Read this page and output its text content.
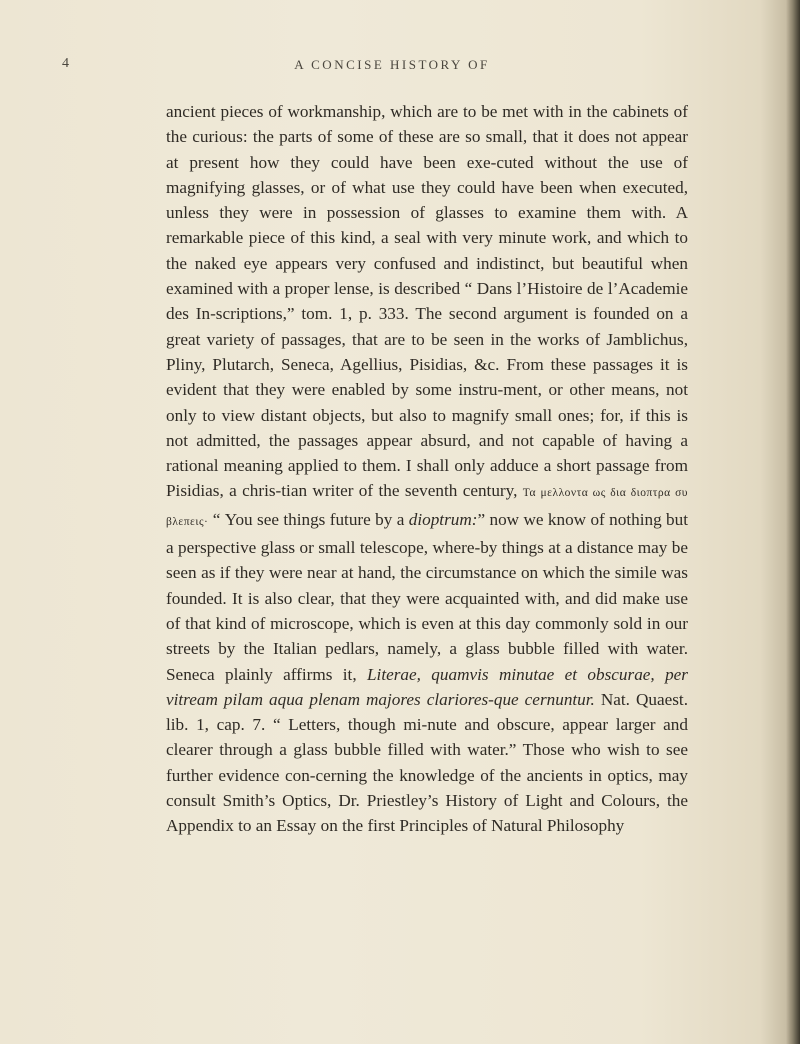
4	A CONCISE HISTORY OF

ancient pieces of workmanship, which are to be met with in the cabinets of the curious: the parts of some of these are so small, that it does not appear at present how they could have been exe-cuted without the use of magnifying glasses, or of what use they could have been when executed, unless they were in possession of glasses to examine them with. A remarkable piece of this kind, a seal with very minute work, and which to the naked eye appears very confused and indistinct, but beautiful when examined with a proper lense, is described “ Dans l’Histoire de l’Academie des In-scriptions,” tom. 1, p. 333. The second argument is founded on a great variety of passages, that are to be seen in the works of Jamblichus, Pliny, Plutarch, Seneca, Agellius, Pisidias, &c. From these passages it is evident that they were enabled by some instru-ment, or other means, not only to view distant objects, but also to magnify small ones; for, if this is not admitted, the passages appear absurd, and not capable of having a rational meaning applied to them. I shall only adduce a short passage from Pisidias, a chris-tian writer of the seventh century, Τα μελλοντα ως δια διοπτρα συ βλεπεις· “ You see things future by a dioptrum:” now we know of nothing but a perspective glass or small telescope, where-by things at a distance may be seen as if they were near at hand, the circumstance on which the simile was founded. It is also clear, that they were acquainted with, and did make use of that kind of microscope, which is even at this day commonly sold in our streets by the Italian pedlars, namely, a glass bubble filled with water. Seneca plainly affirms it, Literae, quamvis minutae et obscurae, per vitream pilam aqua plenam majores clariores-que cernuntur. Nat. Quaest. lib. 1, cap. 7. “ Letters, though mi-nute and obscure, appear larger and clearer through a glass bubble filled with water.” Those who wish to see further evidence con-cerning the knowledge of the ancients in optics, may consult Smith’s Optics, Dr. Priestley’s History of Light and Colours, the Appendix to an Essay on the first Principles of Natural Philosophy
